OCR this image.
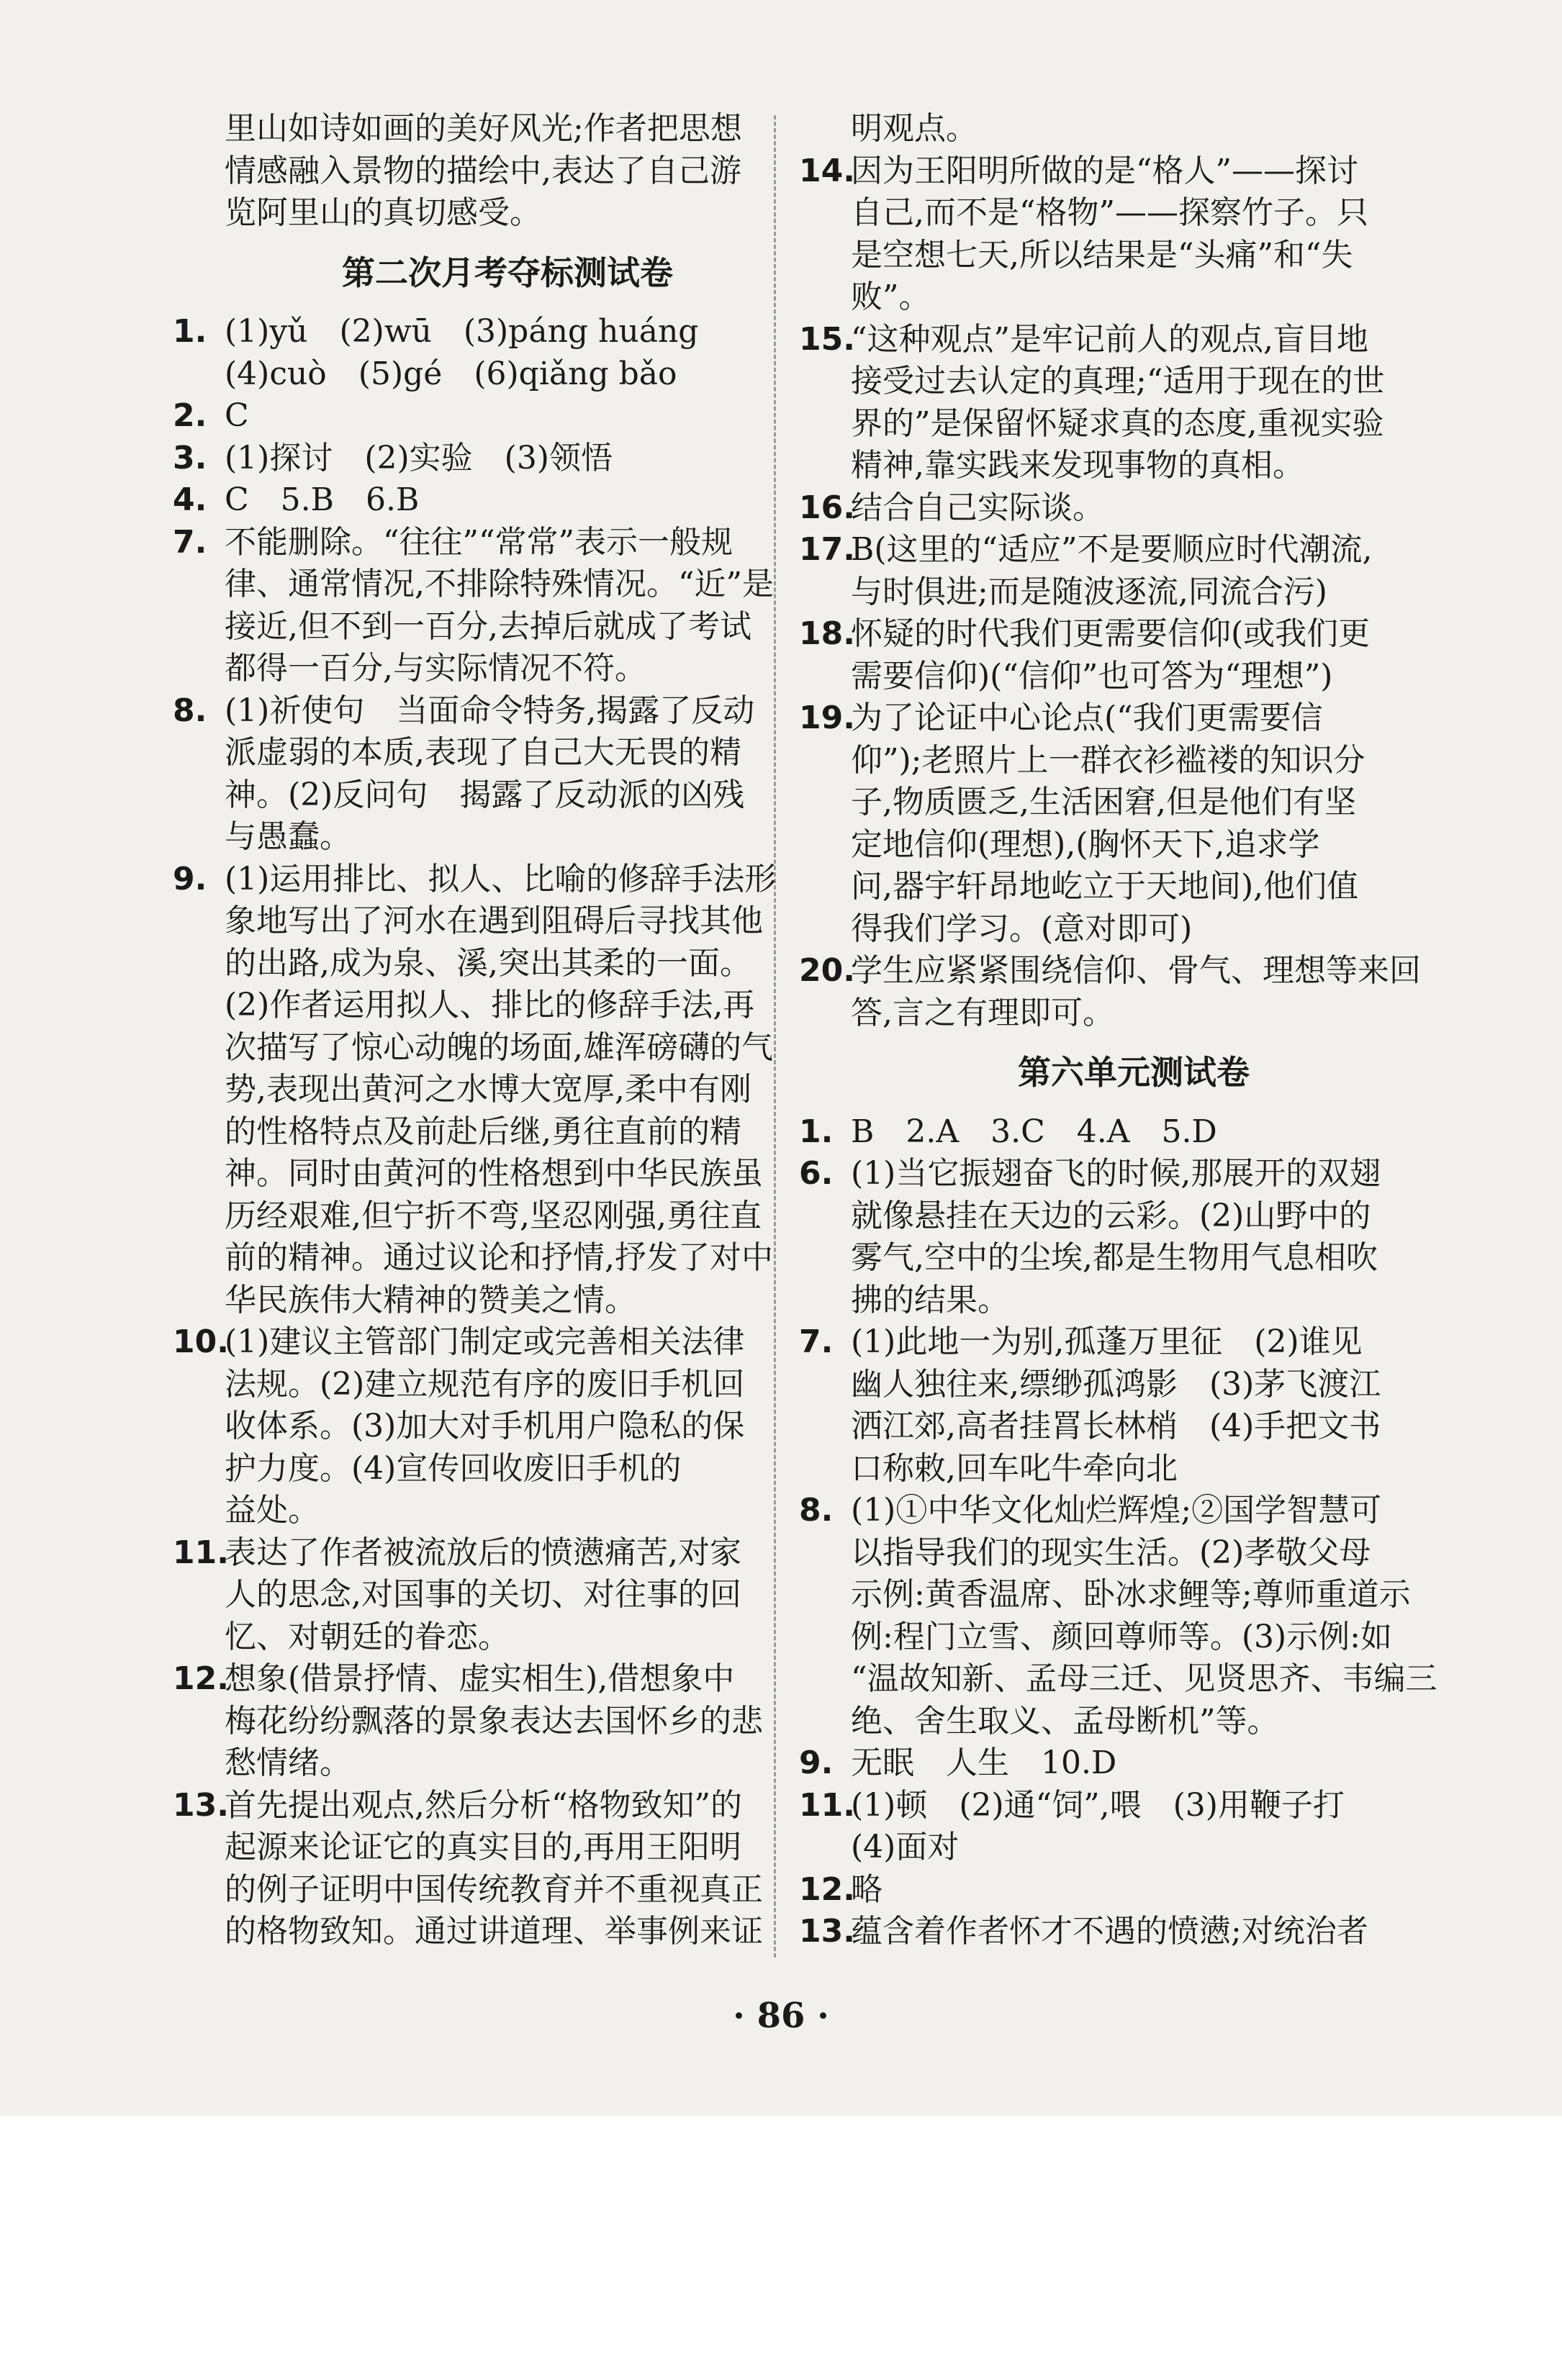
里山如诗如画的美好风光;作者把思想
情感融入景物的描绘中,表达了自己游
览阿里山的真切感受。
第二次月考夺标测试卷
1. (1)yǔ　(2)wū　(3)páng huáng
(4)cuò　(5)gé　(6)qiǎng bǎo
2. C
3. (1)探讨　(2)实验　(3)领悟
4. C　5.B　6.B
7. 不能删除。“往往”“常常”表示一般规
律、通常情况,不排除特殊情况。“近”是
接近,但不到一百分,去掉后就成了考试
都得一百分,与实际情况不符。
8. (1)祈使句　当面命令特务,揭露了反动
派虚弱的本质,表现了自己大无畏的精
神。(2)反问句　揭露了反动派的凶残
与愚蠢。
9. (1)运用排比、拟人、比喻的修辞手法形
象地写出了河水在遇到阻碍后寻找其他
的出路,成为泉、溪,突出其柔的一面。
(2)作者运用拟人、排比的修辞手法,再
次描写了惊心动魄的场面,雄浑磅礴的气
势,表现出黄河之水博大宽厚,柔中有刚
的性格特点及前赴后继,勇往直前的精
神。同时由黄河的性格想到中华民族虽
历经艰难,但宁折不弯,坚忍刚强,勇往直
前的精神。通过议论和抒情,抒发了对中
华民族伟大精神的赞美之情。
10.
(1)建议主管部门制定或完善相关法律
法规。(2)建立规范有序的废旧手机回
收体系。(3)加大对手机用户隐私的保
护力度。(4)宣传回收废旧手机的
益处。
11.
表达了作者被流放后的愤懑痛苦,对家
人的思念,对国事的关切、对往事的回
忆、对朝廷的眷恋。
12.
想象(借景抒情、虚实相生),借想象中
梅花纷纷飘落的景象表达去国怀乡的悲
愁情绪。
13.
首先提出观点,然后分析“格物致知”的
起源来论证它的真实目的,再用王阳明
的例子证明中国传统教育并不重视真正
的格物致知。通过讲道理、举事例来证
明观点。
14.
因为王阳明所做的是“格人”——探讨
自己,而不是“格物”——探察竹子。只
是空想七天,所以结果是“头痛”和“失
败”。
15.
“这种观点”是牢记前人的观点,盲目地
接受过去认定的真理;“适用于现在的世
界的”是保留怀疑求真的态度,重视实验
精神,靠实践来发现事物的真相。
16.
结合自己实际谈。
17.
B(这里的“适应”不是要顺应时代潮流,
与时俱进;而是随波逐流,同流合污)
18.
怀疑的时代我们更需要信仰(或我们更
需要信仰)(“信仰”也可答为“理想”)
19.
为了论证中心论点(“我们更需要信
仰”);老照片上一群衣衫褴褛的知识分
子,物质匮乏,生活困窘,但是他们有坚
定地信仰(理想),(胸怀天下,追求学
问,器宇轩昂地屹立于天地间),他们值
得我们学习。(意对即可)
20.
学生应紧紧围绕信仰、骨气、理想等来回
答,言之有理即可。
第六单元测试卷
1. B　2.A　3.C　4.A　5.D
6. (1)当它振翅奋飞的时候,那展开的双翅
就像悬挂在天边的云彩。(2)山野中的
雾气,空中的尘埃,都是生物用气息相吹
拂的结果。
7. (1)此地一为别,孤蓬万里征　(2)谁见
幽人独往来,缥缈孤鸿影　(3)茅飞渡江
洒江郊,高者挂罥长林梢　(4)手把文书
口称敕,回车叱牛牵向北
8. (1)①中华文化灿烂辉煌;②国学智慧可
以指导我们的现实生活。(2)孝敬父母
示例:黄香温席、卧冰求鲤等;尊师重道示
例:程门立雪、颜回尊师等。(3)示例:如
“温故知新、孟母三迁、见贤思齐、韦编三
绝、舍生取义、孟母断机”等。
9. 无眠　人生　10.D
11.
(1)顿　(2)通“饲”,喂　(3)用鞭子打
(4)面对
12.
略
13.
蕴含着作者怀才不遇的愤懑;对统治者
· 86 ·
